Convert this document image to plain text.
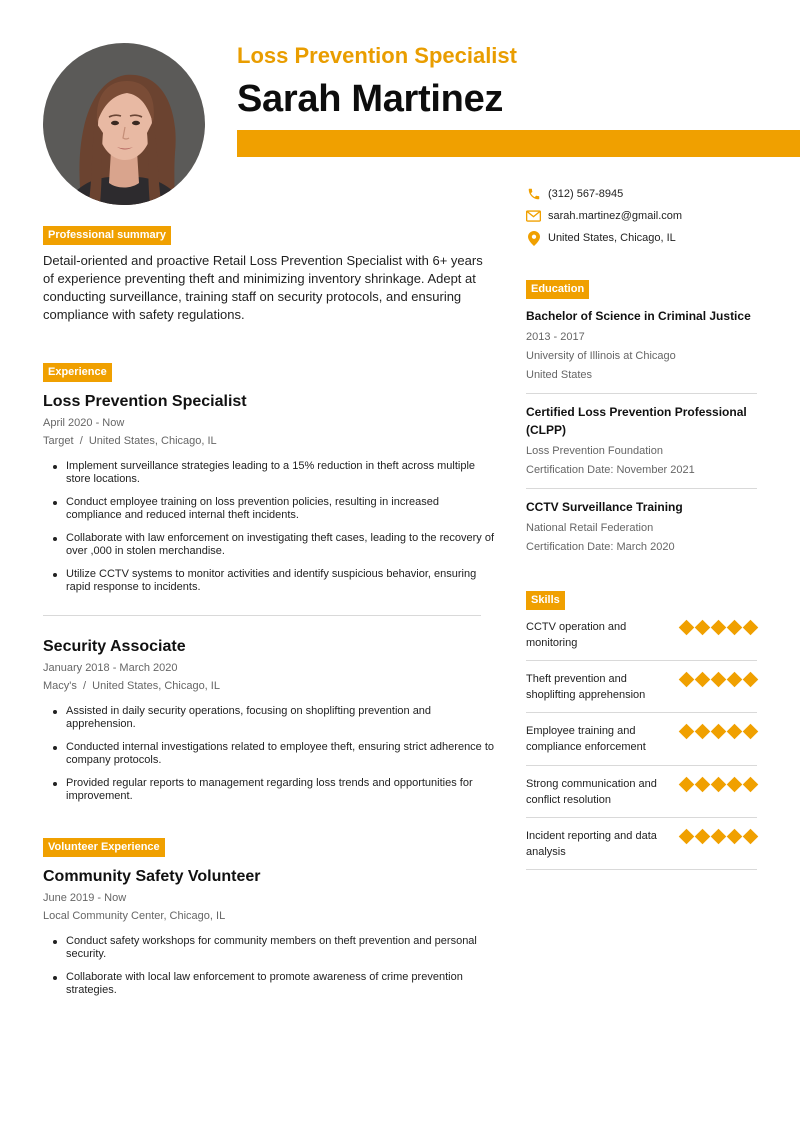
Loss Prevention Specialist
Sarah Martinez
Professional summary

Detail-oriented and proactive Retail Loss Prevention Specialist with 6+ years of experience preventing theft and minimizing inventory shrinkage. Adept at conducting surveillance, training staff on security protocols, and ensuring compliance with safety regulations.

Experience
Loss Prevention Specialist
April 2020 - Now
Target  /  United States, Chicago, IL
Implement surveillance strategies leading to a 15% reduction in theft across multiple store locations.
Conduct employee training on loss prevention policies, resulting in increased compliance and reduced internal theft incidents.
Collaborate with law enforcement on investigating theft cases, leading to the recovery of over ,000 in stolen merchandise.
Utilize CCTV systems to monitor activities and identify suspicious behavior, ensuring rapid response to incidents.
Security Associate
January 2018 - March 2020
Macy's  /  United States, Chicago, IL
Assisted in daily security operations, focusing on shoplifting prevention and apprehension.
Conducted internal investigations related to employee theft, ensuring strict adherence to company protocols.
Provided regular reports to management regarding loss trends and opportunities for improvement.
Volunteer Experience
Community Safety Volunteer
June 2019 - Now
Local Community Center, Chicago, IL
Conduct safety workshops for community members on theft prevention and personal security.
Collaborate with local law enforcement to promote awareness of crime prevention strategies.
(312) 567-8945
sarah.martinez@gmail.com
United States, Chicago, IL
Education
Bachelor of Science in Criminal Justice
2013 - 2017
University of Illinois at Chicago
United States
Certified Loss Prevention Professional (CLPP)
Loss Prevention Foundation
Certification Date: November 2021
CCTV Surveillance Training
National Retail Federation
Certification Date: March 2020
Skills
CCTV operation and monitoring
Theft prevention and shoplifting apprehension
Employee training and compliance enforcement
Strong communication and conflict resolution
Incident reporting and data analysis
